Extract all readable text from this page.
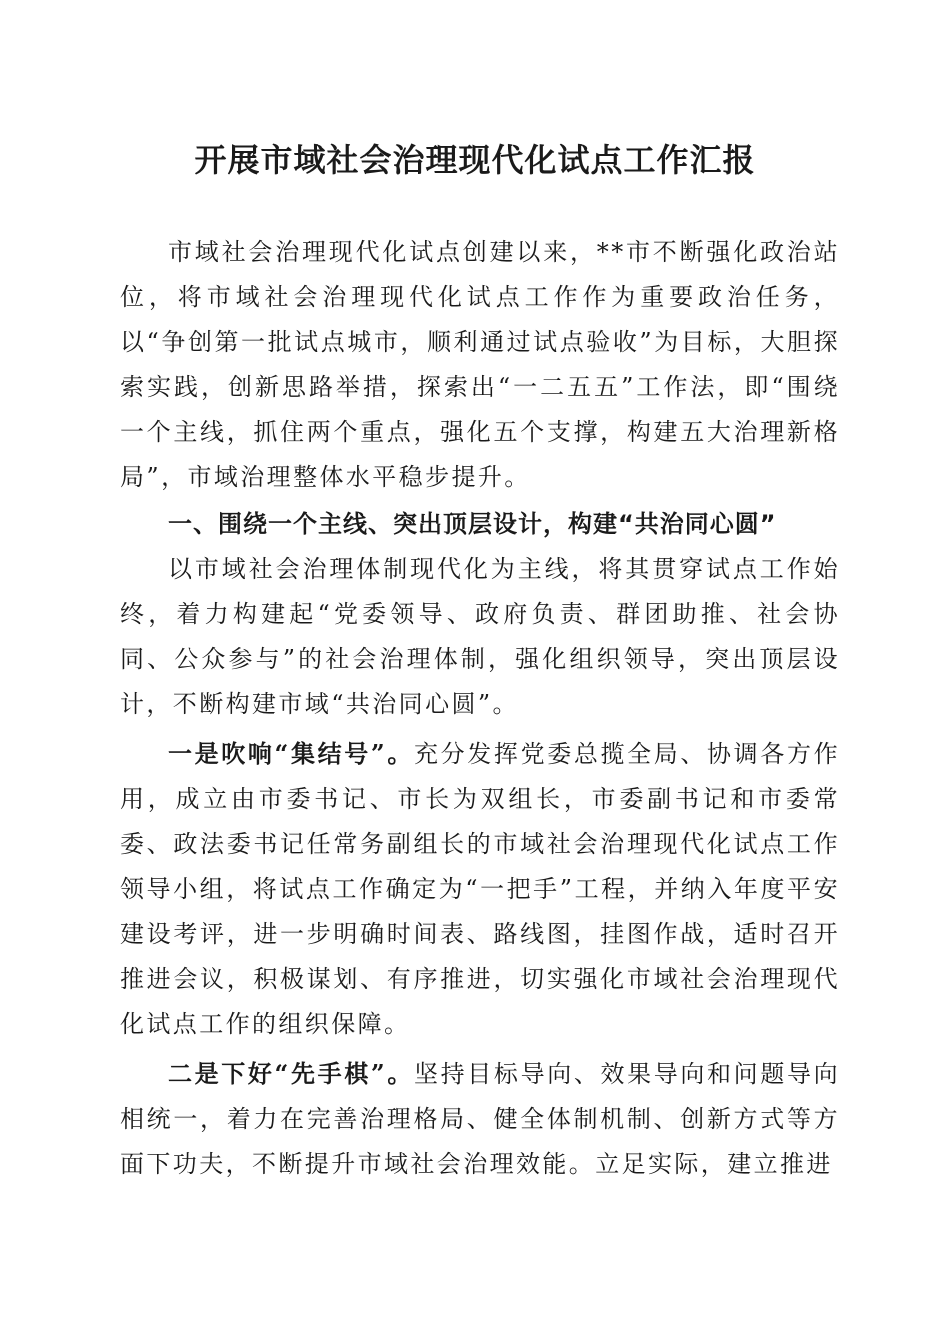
开展市域社会治理现代化试点工作汇报

市域社会治理现代化试点创建以来，**市不断强化政治站位，将市域社会治理现代化试点工作作为重要政治任务，以“争创第一批试点城市，顺利通过试点验收”为目标，大胆探索实践，创新思路举措，探索出“一二五五”工作法，即“围绕一个主线，抓住两个重点，强化五个支撑，构建五大治理新格局”，市域治理整体水平稳步提升。

一、围绕一个主线、突出顶层设计，构建“共治同心圆”

以市域社会治理体制现代化为主线，将其贯穿试点工作始终，着力构建起“党委领导、政府负责、群团助推、社会协同、公众参与”的社会治理体制，强化组织领导，突出顶层设计，不断构建市域“共治同心圆”。

一是吹响“集结号”。充分发挥党委总揽全局、协调各方作用，成立由市委书记、市长为双组长，市委副书记和市委常委、政法委书记任常务副组长的市域社会治理现代化试点工作领导小组，将试点工作确定为“一把手”工程，并纳入年度平安建设考评，进一步明确时间表、路线图，挂图作战，适时召开推进会议，积极谋划、有序推进，切实强化市域社会治理现代化试点工作的组织保障。

二是下好“先手棋”。坚持目标导向、效果导向和问题导向相统一，着力在完善治理格局、健全体制机制、创新方式等方面下功夫，不断提升市域社会治理效能。立足实际，建立推进
